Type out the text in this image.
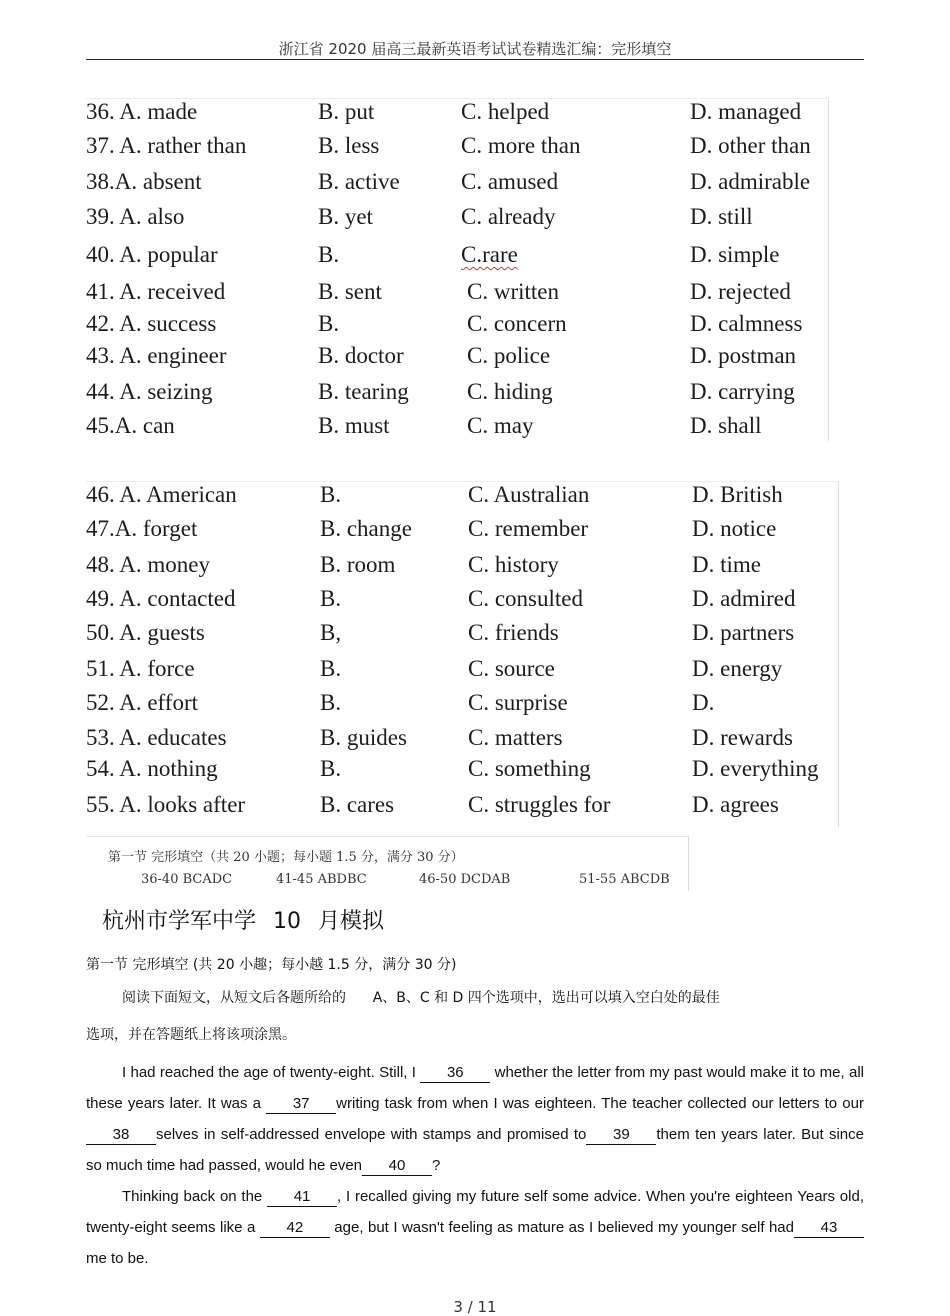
浙江省 2020 届高三最新英语考试试卷精选汇编：完形填空
36. A. made	B. put	C. helped	D. managed
37. A. rather than	B. less	C. more than	D. other than
38.A. absent	B. active	C. amused	D. admirable
39. A. also	B. yet	C. already	D. still
40. A. popular	B.	C.rare	D. simple
41. A. received	B. sent	C. written	D. rejected
42. A. success	B.	C. concern	D. calmness
43. A. engineer	B. doctor	C. police	D. postman
44. A. seizing	B. tearing	C. hiding	D. carrying
45.A. can	B. must	C. may	D. shall
46. A. American	B.	C. Australian	D. British
47.A. forget	B. change C. remember	D. notice
48. A. money	B. room	C. history	D. time
49. A. contacted	B.	C. consulted	D. admired
50. A. guests	B,	C. friends	D. partners
51. A. force	B.	C. source	D. energy
52. A. effort	B.	C. surprise	D.
53. A. educates	B. guides	C. matters	D. rewards
54. A. nothing	B.	C. something	D. everything
55. A. looks after	B. cares	C. struggles for	D. agrees
第一节 完形填空（共 20 小题；每小题 1.5 分，满分 30 分）
36-40 BCADC	41-45 ABDBC	46-50 DCDAB	51-55 ABCDB
杭州市学军中学 10 月模拟
第一节 完形填空 (共 20 小趣；每小越 1.5 分，满分 30 分)
阅读下面短文，从短文后各题所给的      A、B、C 和 D 四个选项中，选出可以填入空白处的最佳
选项，并在答题纸上将该项涂黑。
I had reached the age of twenty-eight. Still, I 36 whether the letter from my past would make it to me, all these years later. It was a 37 writing task from when I was eighteen. The teacher collected our letters to our38 selves in self-addressed envelope with stamps and promised to 39 them ten years later. But since so much time had passed, would he even 40 ?
Thinking back on the 41 , I recalled giving my future self some advice. When you're eighteen Years old, twenty-eight seems like a 42 age, but I wasn't feeling as mature as I believed my younger self had 43me to be.
3 / 11
